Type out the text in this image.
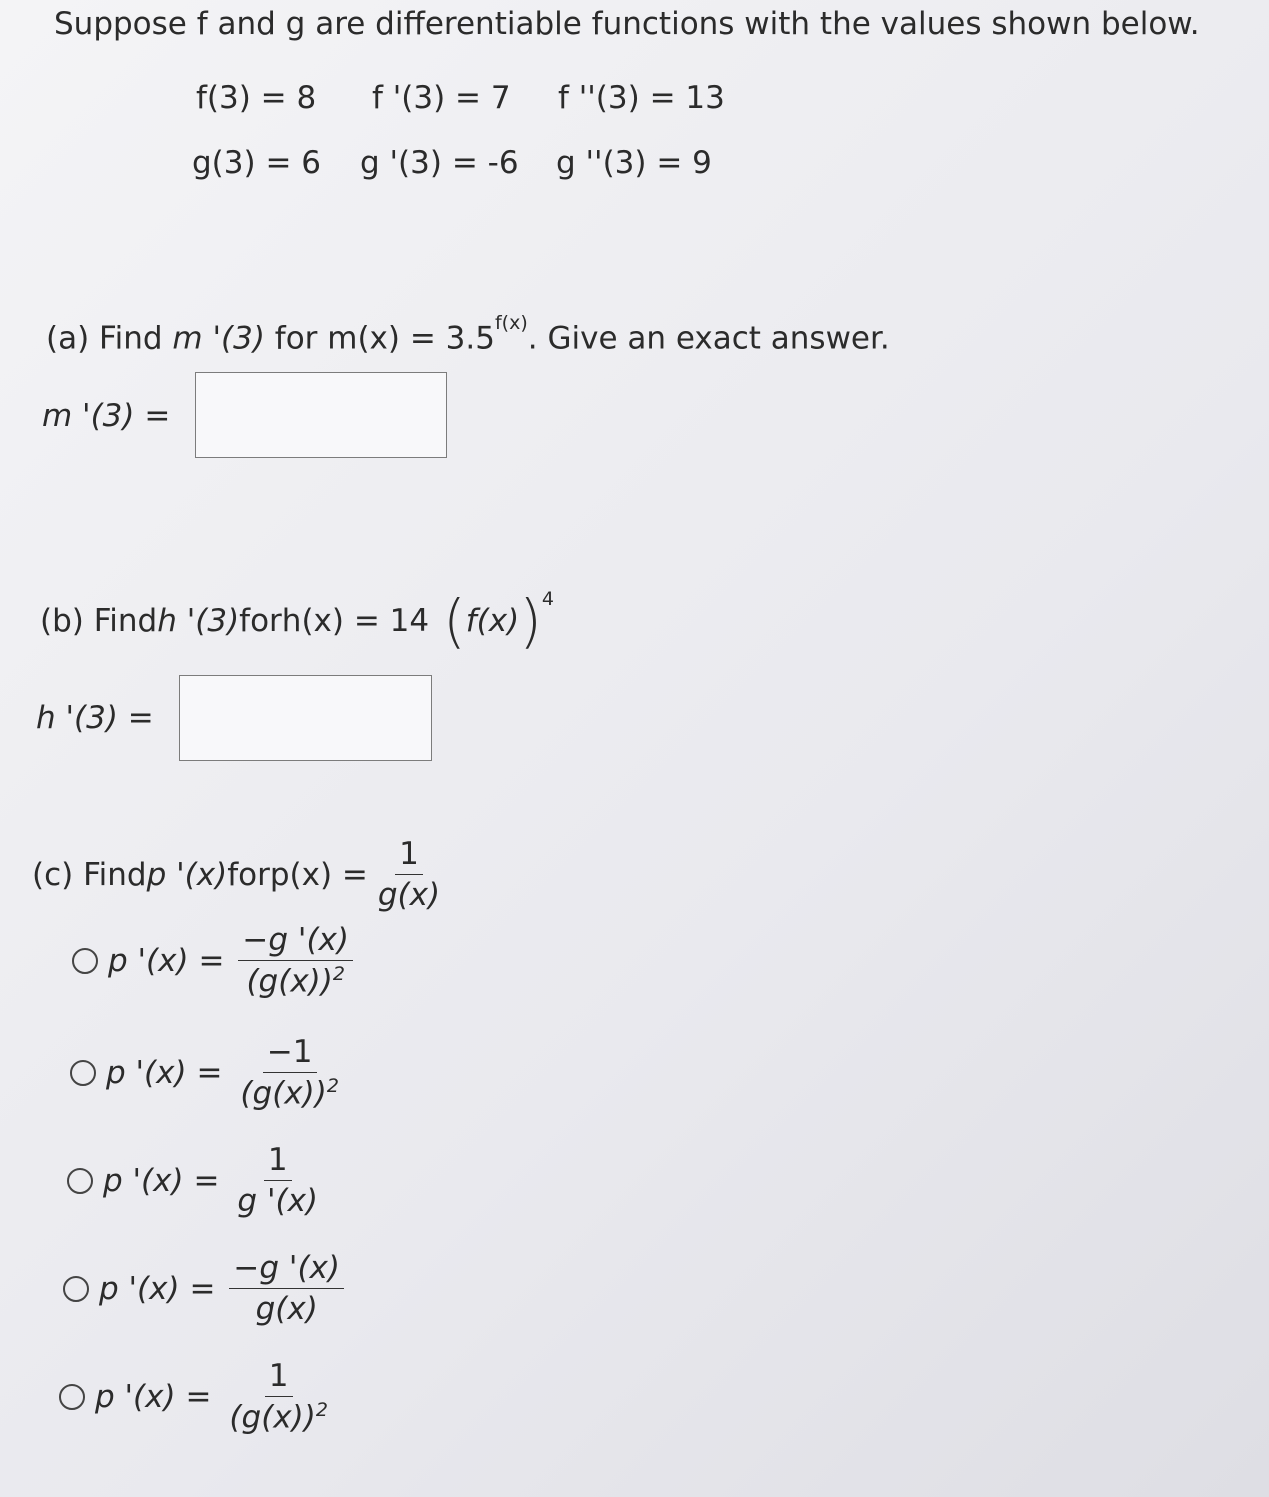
Suppose f and g are differentiable functions with the values shown below.
f(3) = 8 f '(3) = 7 f ''(3) = 13
g(3) = 6 g '(3) = -6 g ''(3) = 9
(a) Find m '(3) for $m(x) = 3.5^{f(x)}$. Give an exact answer.
m '(3) =
(b) Find h '(3) for h(x) = 14 ( f(x) )$^4$
h '(3) =
(c) Find p '(x) for $p(x) = \frac{1}{g(x)}$
p '$(x) = \frac{-g '(x)}{(g(x))^2}$
p '$(x) = \frac{-1}{(g(x))^2}$
p '$(x) = \frac{1}{g '(x)}$
p '$(x) = \frac{-g '(x)}{g(x)}$
p '$(x) = \frac{1}{(g(x))^2}$
